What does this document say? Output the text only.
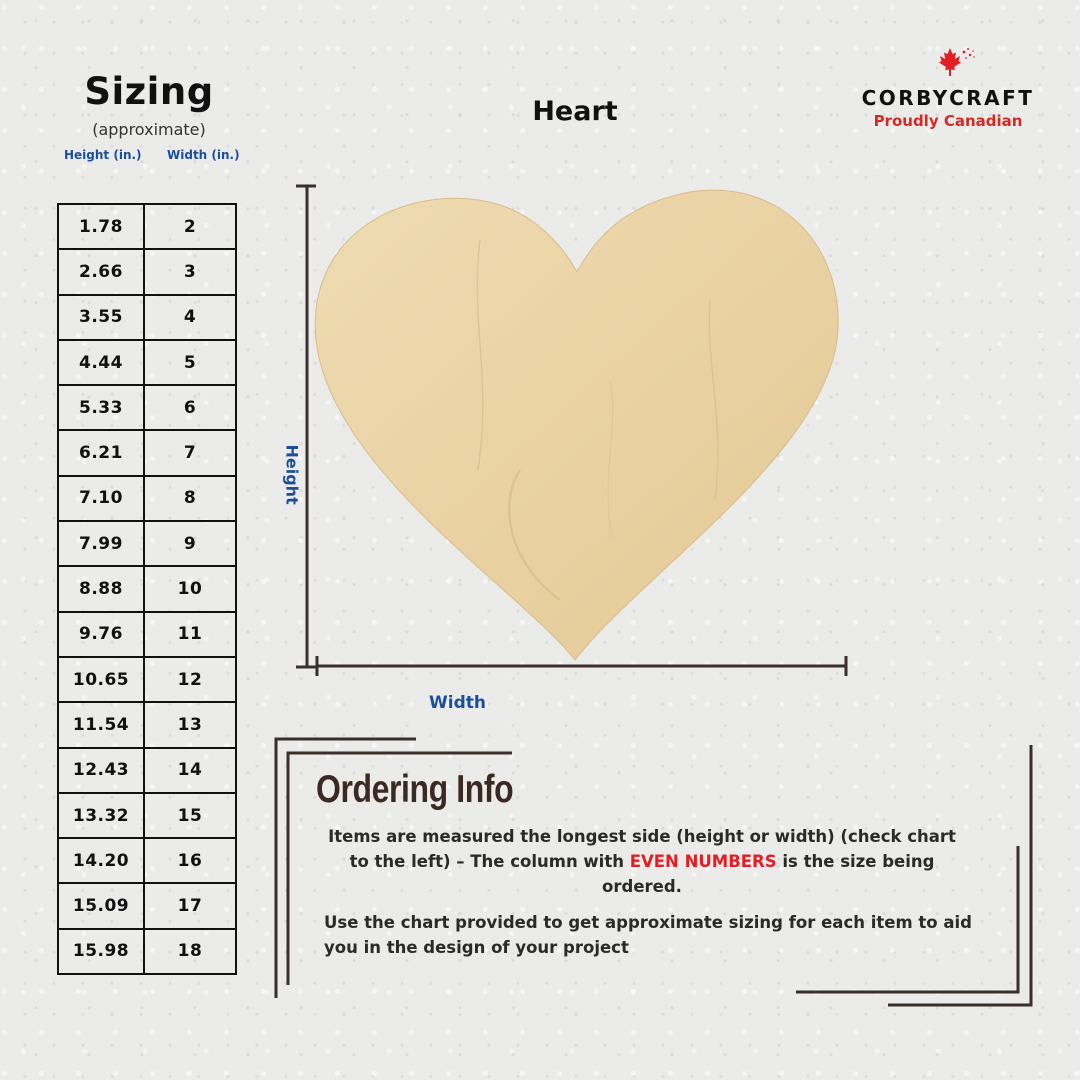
Sizing
(approximate)
Height (in.) Width (in.)
1.78	2
2.66	3
3.55	4
4.44	5
5.33	6
6.21	7
7.10	8
7.99	9
8.88	10
9.76	11
10.65	12
11.54	13
12.43	14
13.32	15
14.20	16
15.09	17
15.98	18
Heart	CORBYCRAFT
Proudly Canadian
Height
Width
Ordering Info
Items are measured the longest side (height or width) (check chart to the left) – The column with EVEN NUMBERS is the size being ordered.
Use the chart provided to get approximate sizing for each item to aid you in the design of your project
